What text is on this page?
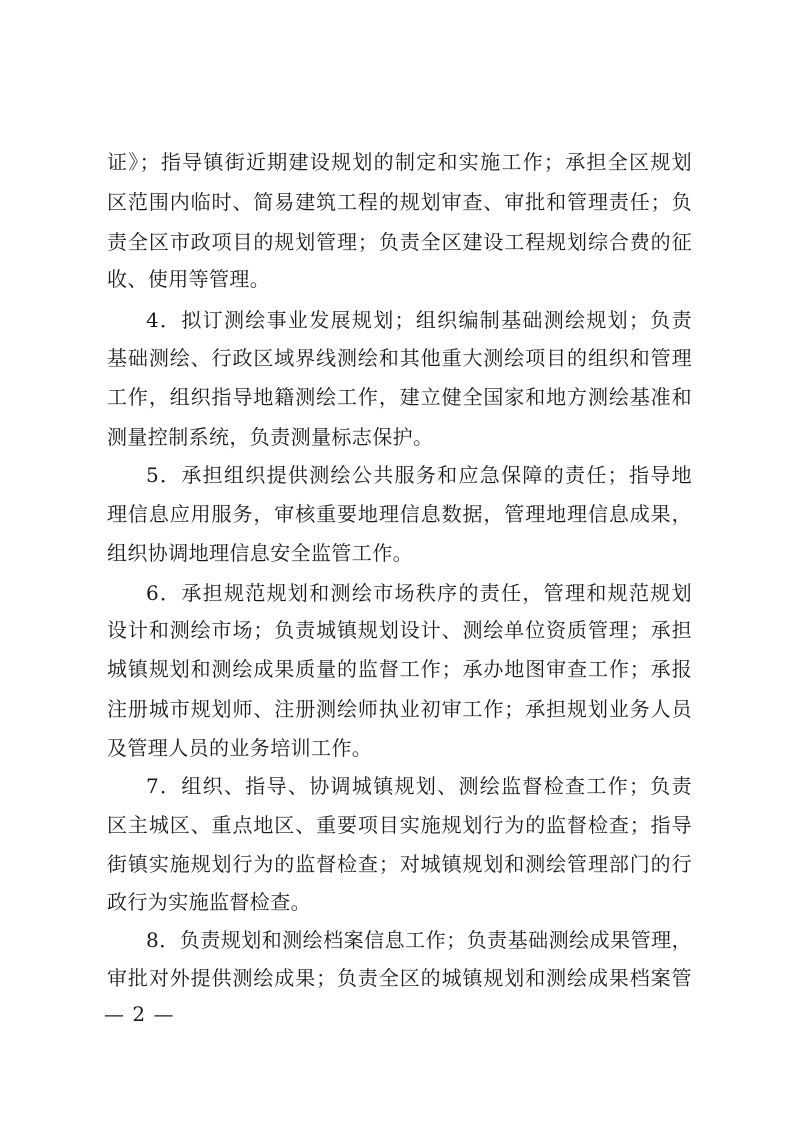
证》；指导镇街近期建设规划的制定和实施工作；承担全区规划
区范围内临时、简易建筑工程的规划审查、审批和管理责任；负
责全区市政项目的规划管理；负责全区建设工程规划综合费的征
收、使用等管理。
4．拟订测绘事业发展规划；组织编制基础测绘规划；负责
基础测绘、行政区域界线测绘和其他重大测绘项目的组织和管理
工作，组织指导地籍测绘工作，建立健全国家和地方测绘基准和
测量控制系统，负责测量标志保护。
5．承担组织提供测绘公共服务和应急保障的责任；指导地
理信息应用服务，审核重要地理信息数据，管理地理信息成果，
组织协调地理信息安全监管工作。
6．承担规范规划和测绘市场秩序的责任，管理和规范规划
设计和测绘市场；负责城镇规划设计、测绘单位资质管理；承担
城镇规划和测绘成果质量的监督工作；承办地图审查工作；承报
注册城市规划师、注册测绘师执业初审工作；承担规划业务人员
及管理人员的业务培训工作。
7．组织、指导、协调城镇规划、测绘监督检查工作；负责
区主城区、重点地区、重要项目实施规划行为的监督检查；指导
街镇实施规划行为的监督检查；对城镇规划和测绘管理部门的行
政行为实施监督检查。
8．负责规划和测绘档案信息工作；负责基础测绘成果管理，
审批对外提供测绘成果；负责全区的城镇规划和测绘成果档案管
— 2 —
